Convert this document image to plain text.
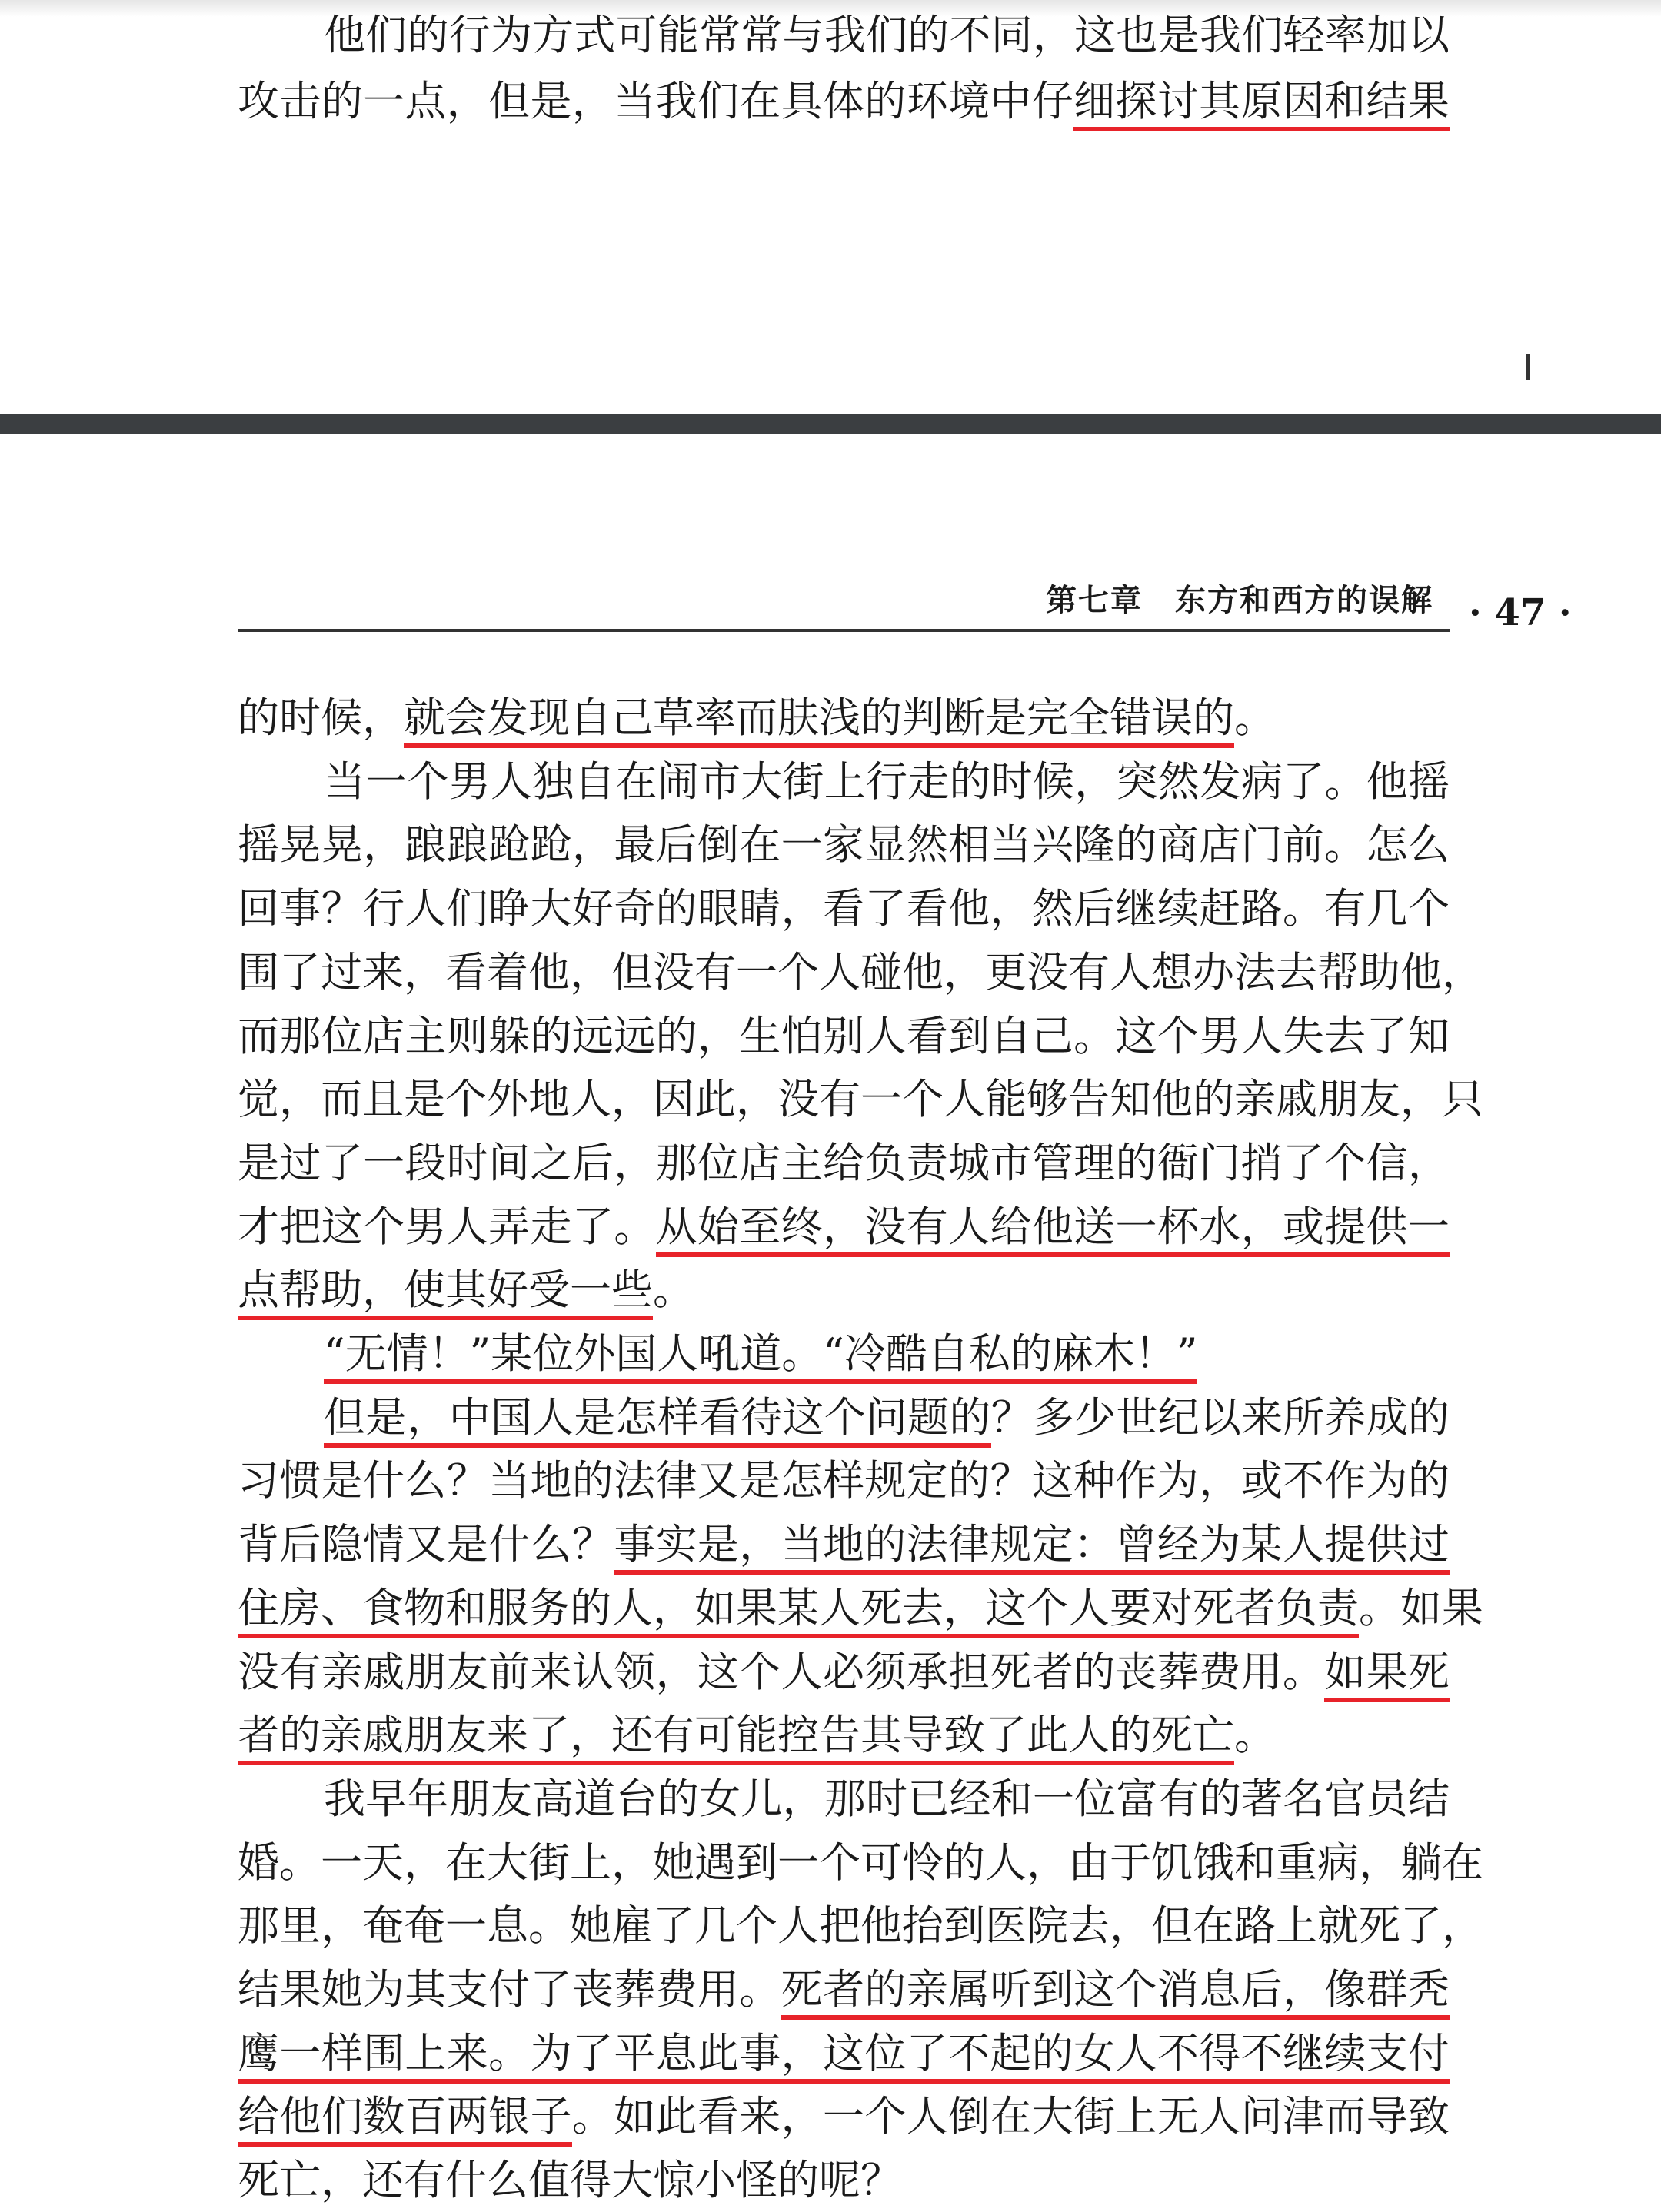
他们的行为方式可能常常与我们的不同，这也是我们轻率加以
攻击的一点，但是，当我们在具体的环境中仔细探讨其原因和结果
第七章　东方和西方的误解 · 47 ·
的时候，就会发现自己草率而肤浅的判断是完全错误的。
当一个男人独自在闹市大街上行走的时候，突然发病了。他摇
摇晃晃，踉踉跄跄，最后倒在一家显然相当兴隆的商店门前。怎么
回事？行人们睁大好奇的眼睛，看了看他，然后继续赶路。有几个
围了过来，看着他，但没有一个人碰他，更没有人想办法去帮助他，
而那位店主则躲的远远的，生怕别人看到自己。这个男人失去了知
觉，而且是个外地人，因此，没有一个人能够告知他的亲戚朋友，只
是过了一段时间之后，那位店主给负责城市管理的衙门捎了个信，
才把这个男人弄走了。从始至终，没有人给他送一杯水，或提供一
点帮助，使其好受一些。
“无情！”某位外国人吼道。“冷酷自私的麻木！”
但是，中国人是怎样看待这个问题的？多少世纪以来所养成的
习惯是什么？当地的法律又是怎样规定的？这种作为，或不作为的
背后隐情又是什么？事实是，当地的法律规定：曾经为某人提供过
住房、食物和服务的人，如果某人死去，这个人要对死者负责。如果
没有亲戚朋友前来认领，这个人必须承担死者的丧葬费用。如果死
者的亲戚朋友来了，还有可能控告其导致了此人的死亡。
我早年朋友高道台的女儿，那时已经和一位富有的著名官员结
婚。一天，在大街上，她遇到一个可怜的人，由于饥饿和重病，躺在
那里，奄奄一息。她雇了几个人把他抬到医院去，但在路上就死了，
结果她为其支付了丧葬费用。死者的亲属听到这个消息后，像群秃
鹰一样围上来。为了平息此事，这位了不起的女人不得不继续支付
给他们数百两银子。如此看来，一个人倒在大街上无人问津而导致
死亡，还有什么值得大惊小怪的呢？
